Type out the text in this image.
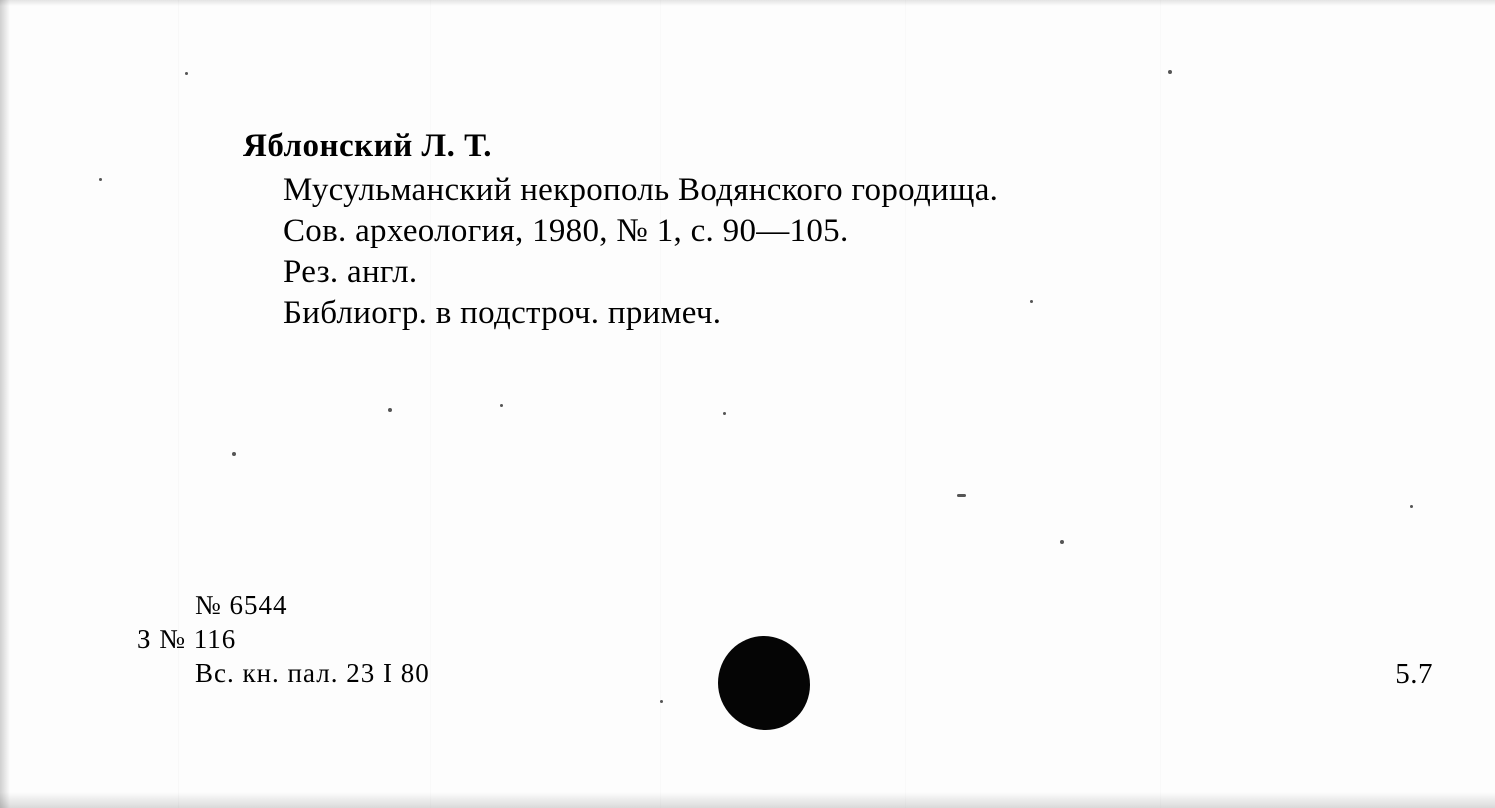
Яблонский Л. Т.
Мусульманский некрополь Водянского городища.
Сов. археология, 1980, № 1, с. 90—105.
Рез. англ.
Библиогр. в подстроч. примеч.
№ 6544
З № 116
Вс. кн. пал. 23 I 80	5.7
